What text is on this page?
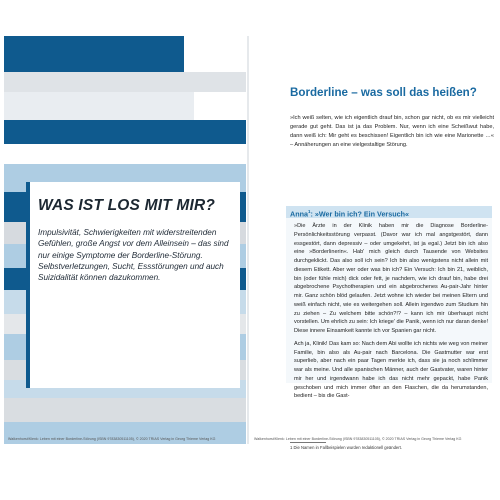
WAS IST LOS MIT MIR?

Impulsivität, Schwierigkeiten mit widerstreitenden Gefühlen, große Angst vor dem Alleinsein – das sind nur einige Symptome der Borderline-Störung. Selbstverletzungen, Sucht, Essstörungen und auch Suizidalität können dazukommen.

Walkenhorst/Klenk: Leben mit einer Borderline-Störung (ISBN 9783830511105), © 2020 TRIAS Verlag in Georg Thieme Verlag KG
Borderline – was soll das heißen?

»Ich weiß selten, wie ich eigentlich drauf bin, schon gar nicht, ob es mir vielleicht gerade gut geht. Das ist ja das Problem. Nur, wenn ich eine Scheißwut habe, dann weiß ich: Mir geht es beschissen! Eigentlich bin ich wie eine Marionette …« – Annäherungen an eine vielgestaltige Störung.

Anna$^1$: »Wer bin ich? Ein Versuch«

»Die Ärzte in der Klinik haben mir die Diagnose Borderline-Persönlichkeitsstörung verpasst. (Davor war ich mal angstgestört, dann essgestört, dann depressiv – oder umgekehrt, ist ja egal.) Jetzt bin ich also eine »Borderlinerin«. Hab' mich gleich durch Tausende von Websites durchgeklickt. Das also soll ich sein? Ich bin also wenigstens nicht allein mit diesem Etikett. Aber wer oder was bin ich? Ein Versuch: Ich bin 21, weiblich, bin (oder fühle mich) dick oder fett, je nachdem, wie ich drauf bin, habe drei abgebrochene Psychotherapien und ein abgebrochenes Au-pair-Jahr hinter mir. Ganz schön blöd gelaufen. Jetzt wohne ich wieder bei meinen Eltern und weiß einfach nicht, wie es weitergehen soll. Allein irgendwo zum Studium hin zu ziehen – Zu welchem bitte schön?!? – kann ich mir überhaupt nicht vorstellen. Um ehrlich zu sein: Ich kriege' die Panik, wenn ich nur daran denke! Diese innere Einsamkeit kannte ich vor Spanien gar nicht.

Ach ja, Klinik! Das kam so: Nach dem Abi wollte ich nichts wie weg von meiner Familie, bin also als Au-pair nach Barcelona. Die Gastmutter war erst superlieb, aber nach ein paar Tagen merkte ich, dass sie ja noch schlimmer war als meine. Und alle spanischen Männer, auch der Gastvater, waren hinter mir her und irgendwann habe ich das nicht mehr gepackt, habe Panik geschoben und mich immer öfter an den Flaschen, die da herumstanden, bedient – bis die Gast-

1 Die Namen in Fallbeispielen wurden redaktionell geändert.
Walkenhorst/Klenk: Leben mit einer Borderline-Störung (ISBN 9783830511105), © 2020 TRIAS Verlag in Georg Thieme Verlag KG
